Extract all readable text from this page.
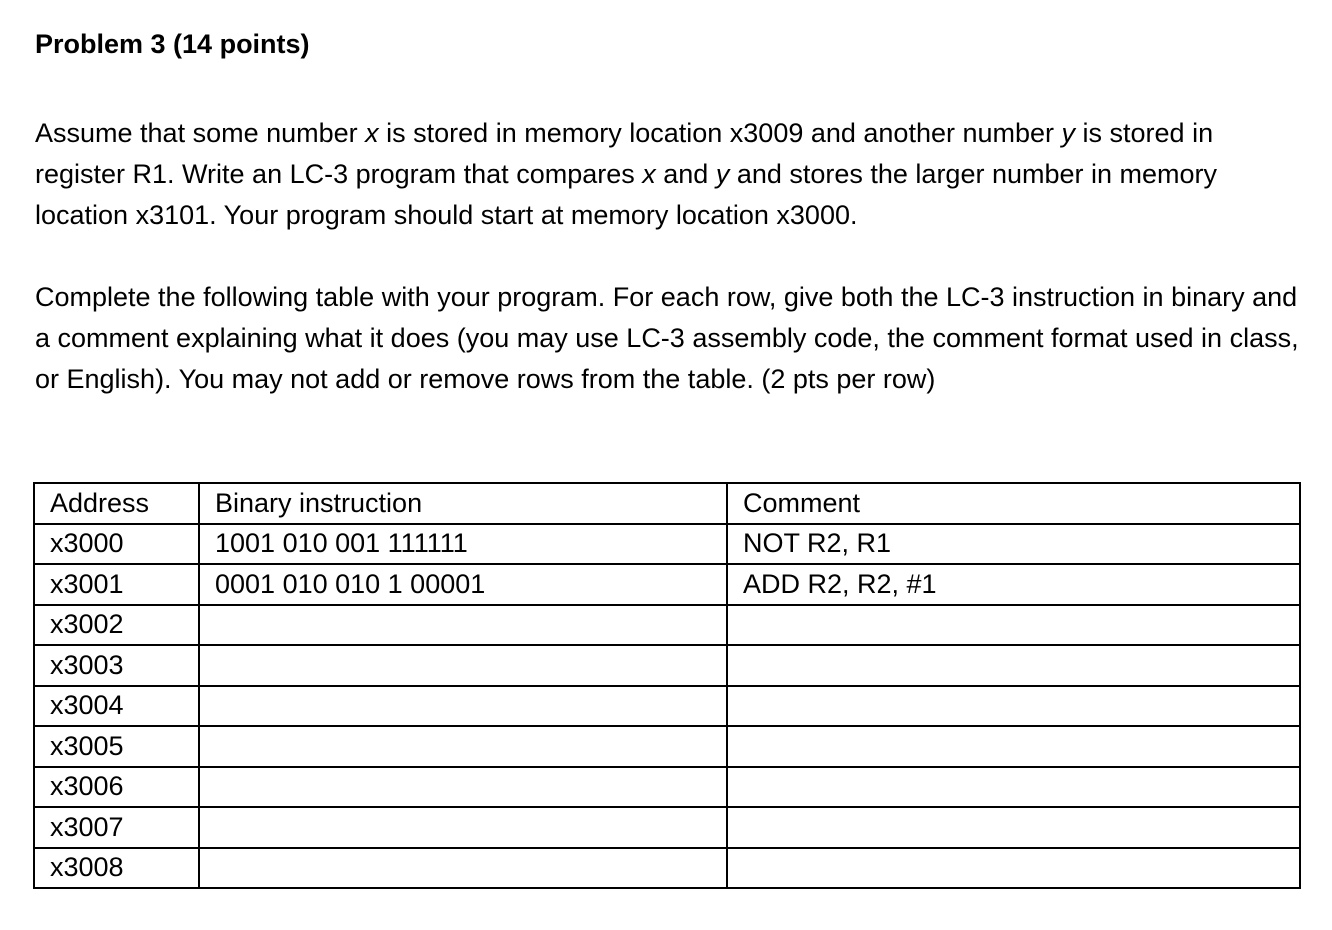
Problem 3 (14 points)

Assume that some number x is stored in memory location x3009 and another number y is stored in register R1. Write an LC-3 program that compares x and y and stores the larger number in memory location x3101. Your program should start at memory location x3000.

Complete the following table with your program. For each row, give both the LC-3 instruction in binary and a comment explaining what it does (you may use LC-3 assembly code, the comment format used in class, or English). You may not add or remove rows from the table. (2 pts per row)

Address	Binary instruction	Comment
x3000	1001 010 001 111111	NOT R2, R1
x3001	0001 010 010 1 00001	ADD R2, R2, #1
x3002		
x3003		
x3004		
x3005		
x3006		
x3007		
x3008		
